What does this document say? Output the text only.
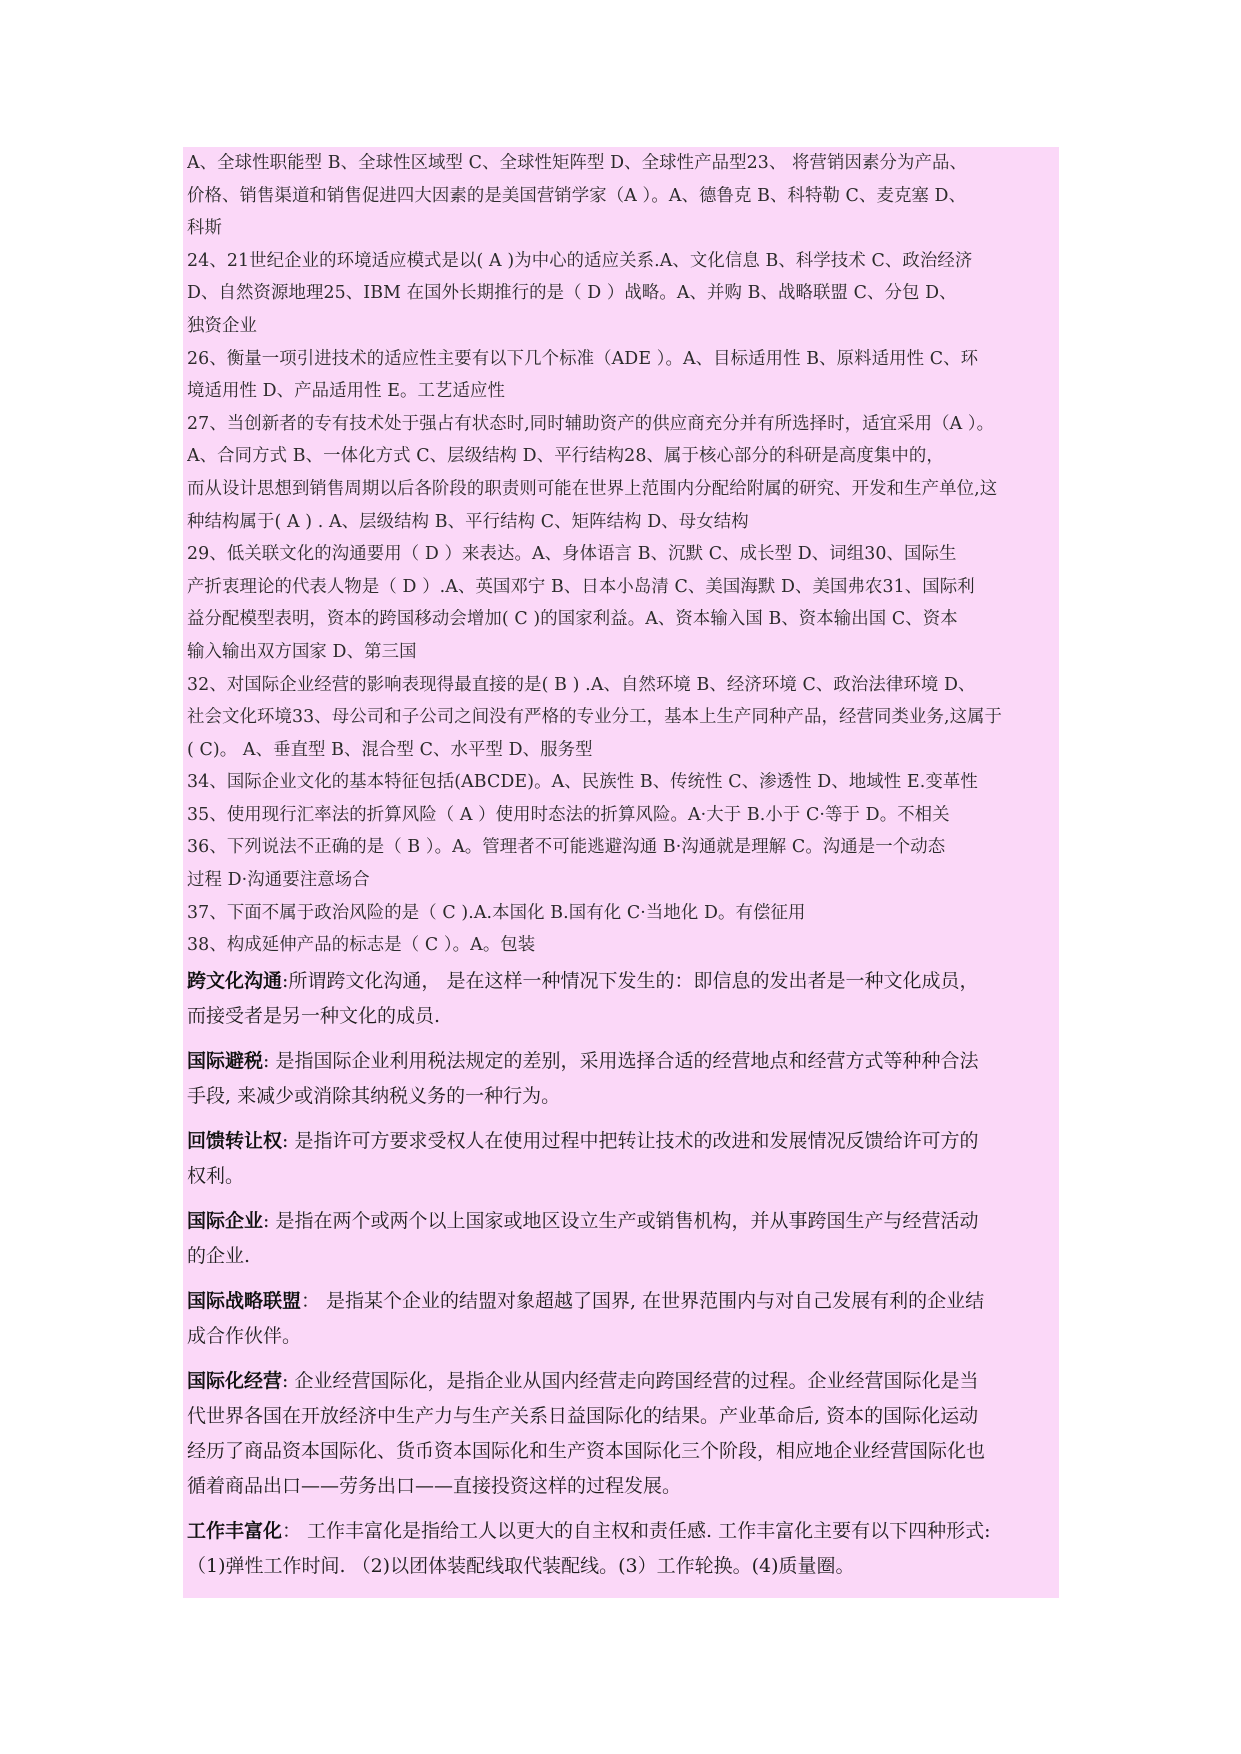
A、全球性职能型 B、全球性区域型 C、全球性矩阵型 D、全球性产品型23、 将营销因素分为产品、
价格、销售渠道和销售促进四大因素的是美国营销学家（A ）。A、德鲁克 B、科特勒 C、麦克塞 D、
科斯
24、21世纪企业的环境适应模式是以( A )为中心的适应关系.A、文化信息 B、科学技术 C、政治经济
D、自然资源地理25、IBM 在国外长期推行的是（ D ）战略。A、并购 B、战略联盟 C、分包 D、
独资企业
26、衡量一项引进技术的适应性主要有以下几个标准（ADE ）。A、目标适用性 B、原料适用性 C、环
境适用性 D、产品适用性 E。工艺适应性
27、当创新者的专有技术处于强占有状态时,同时辅助资产的供应商充分并有所选择时，适宜采用（A ）。
A、合同方式 B、一体化方式 C、层级结构 D、平行结构28、属于核心部分的科研是高度集中的，
而从设计思想到销售周期以后各阶段的职责则可能在世界上范围内分配给附属的研究、开发和生产单位,这
种结构属于( A ) . A、层级结构 B、平行结构 C、矩阵结构 D、母女结构
29、低关联文化的沟通要用（ D ）来表达。A、身体语言 B、沉默 C、成长型 D、词组30、国际生
产折衷理论的代表人物是（ D ）.A、英国邓宁 B、日本小岛清 C、美国海默 D、美国弗农31、国际利
益分配模型表明，资本的跨国移动会增加( C )的国家利益。A、资本输入国 B、资本输出国 C、资本
输入输出双方国家 D、第三国
32、对国际企业经营的影响表现得最直接的是( B ) .A、自然环境 B、经济环境 C、政治法律环境 D、
社会文化环境33、母公司和子公司之间没有严格的专业分工，基本上生产同种产品，经营同类业务,这属于
( C)。 A、垂直型 B、混合型 C、水平型 D、服务型
34、国际企业文化的基本特征包括(ABCDE)。A、民族性 B、传统性 C、渗透性 D、地域性 E.变革性
35、使用现行汇率法的折算风险（ A ）使用时态法的折算风险。A·大于 B.小于 C·等于 D。不相关
36、下列说法不正确的是（ B ）。A。管理者不可能逃避沟通 B·沟通就是理解 C。沟通是一个动态
过程 D·沟通要注意场合
37、下面不属于政治风险的是（ C ).A.本国化 B.国有化 C·当地化 D。有偿征用
38、构成延伸产品的标志是（ C ）。A。包装
跨文化沟通:所谓跨文化沟通， 是在这样一种情况下发生的：即信息的发出者是一种文化成员，
而接受者是另一种文化的成员.
国际避税: 是指国际企业利用税法规定的差别，采用选择合适的经营地点和经营方式等种种合法
手段, 来减少或消除其纳税义务的一种行为。
回馈转让权: 是指许可方要求受权人在使用过程中把转让技术的改进和发展情况反馈给许可方的
权利。
国际企业: 是指在两个或两个以上国家或地区设立生产或销售机构，并从事跨国生产与经营活动
的企业.
国际战略联盟： 是指某个企业的结盟对象超越了国界, 在世界范围内与对自己发展有利的企业结
成合作伙伴。
国际化经营: 企业经营国际化，是指企业从国内经营走向跨国经营的过程。企业经营国际化是当
代世界各国在开放经济中生产力与生产关系日益国际化的结果。产业革命后, 资本的国际化运动
经历了商品资本国际化、货币资本国际化和生产资本国际化三个阶段，相应地企业经营国际化也
循着商品出口——劳务出口——直接投资这样的过程发展。
工作丰富化： 工作丰富化是指给工人以更大的自主权和责任感. 工作丰富化主要有以下四种形式:
（1)弹性工作时间. （2)以团体装配线取代装配线。(3）工作轮换。(4)质量圈。
